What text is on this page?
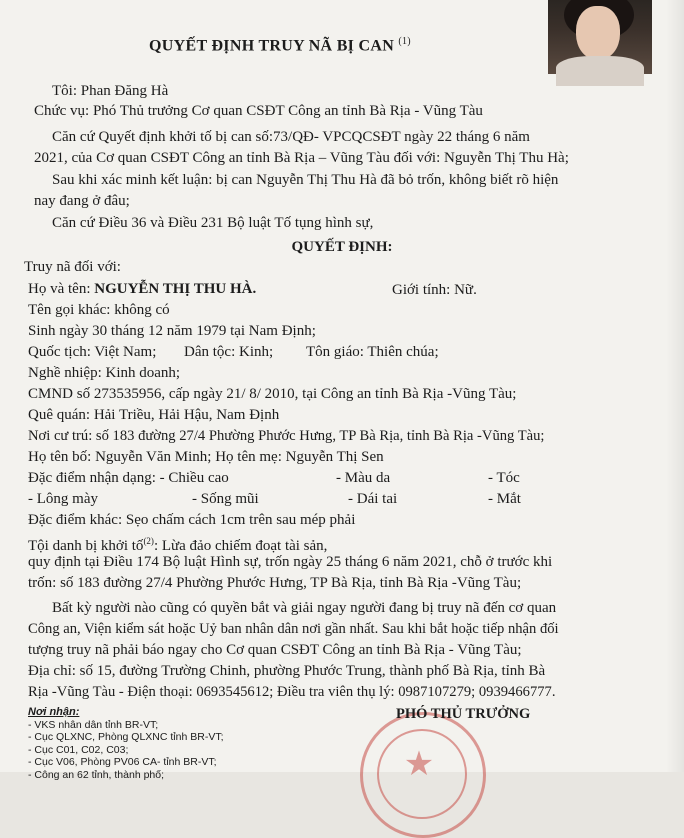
QUYẾT ĐỊNH TRUY NÃ BỊ CAN $^{(1)}$
Tôi: Phan Đăng Hà
Chức vụ: Phó Thủ trưởng Cơ quan CSĐT Công an tỉnh Bà Rịa - Vũng Tàu
Căn cứ Quyết định khởi tố bị can số:73/QĐ- VPCQCSĐT ngày 22 tháng 6 năm
2021, của Cơ quan CSĐT Công an tỉnh Bà Rịa – Vũng Tàu đối với: Nguyễn Thị Thu Hà;
Sau khi xác minh kết luận: bị can Nguyễn Thị Thu Hà đã bỏ trốn, không biết rõ hiện
nay đang ở đâu;
Căn cứ Điều 36 và Điều 231 Bộ luật Tố tụng hình sự,
QUYẾT ĐỊNH:
Truy nã đối với:
Họ và tên: NGUYỄN THỊ THU HÀ.	Giới tính: Nữ.
Tên gọi khác: không có
Sinh ngày 30 tháng 12 năm 1979 tại Nam Định;
Quốc tịch: Việt Nam; Dân tộc: Kinh; Tôn giáo: Thiên chúa;
Nghề nhiệp: Kinh doanh;
CMND số 273535956, cấp ngày 21/ 8/ 2010, tại Công an tỉnh Bà Rịa -Vũng Tàu;
Quê quán: Hải Triều, Hải Hậu, Nam Định
Nơi cư trú: số 183 đường 27/4 Phường Phước Hưng, TP Bà Rịa, tỉnh Bà Rịa -Vũng Tàu;
Họ tên bố: Nguyễn Văn Minh; Họ tên mẹ: Nguyễn Thị Sen
Đặc điểm nhận dạng: - Chiều cao	- Màu da	- Tóc
- Lông mày	- Sống mũi	- Dái tai	- Mắt
Đặc điểm khác: Sẹo chấm cách 1cm trên sau mép phải
Tội danh bị khởi tố$^{(2)}$: Lừa đảo chiếm đoạt tài sản,
quy định tại Điều 174 Bộ luật Hình sự, trốn ngày 25 tháng 6 năm 2021, chỗ ở trước khi
trốn: số 183 đường 27/4 Phường Phước Hưng, TP Bà Rịa, tỉnh Bà Rịa -Vũng Tàu;
Bất kỳ người nào cũng có quyền bắt và giải ngay người đang bị truy nã đến cơ quan
Công an, Viện kiểm sát hoặc Uỷ ban nhân dân nơi gần nhất. Sau khi bắt hoặc tiếp nhận đối
tượng truy nã phải báo ngay cho Cơ quan CSĐT Công an tỉnh Bà Rịa - Vũng Tàu;
Địa chỉ: số 15, đường Trường Chinh, phường Phước Trung, thành phố Bà Rịa, tỉnh Bà
Rịa -Vũng Tàu - Điện thoại: 0693545612; Điều tra viên thụ lý: 0987107279; 0939466777.
Nơi nhận:
- VKS nhân dân tỉnh BR-VT;
- Cục QLXNC, Phòng QLXNC tỉnh BR-VT;
- Cục C01, C02, C03;
- Cục V06, Phòng PV06 CA- tỉnh BR-VT;
- Công an 62 tỉnh, thành phố;	★
PHÓ THỦ TRƯỞNG
